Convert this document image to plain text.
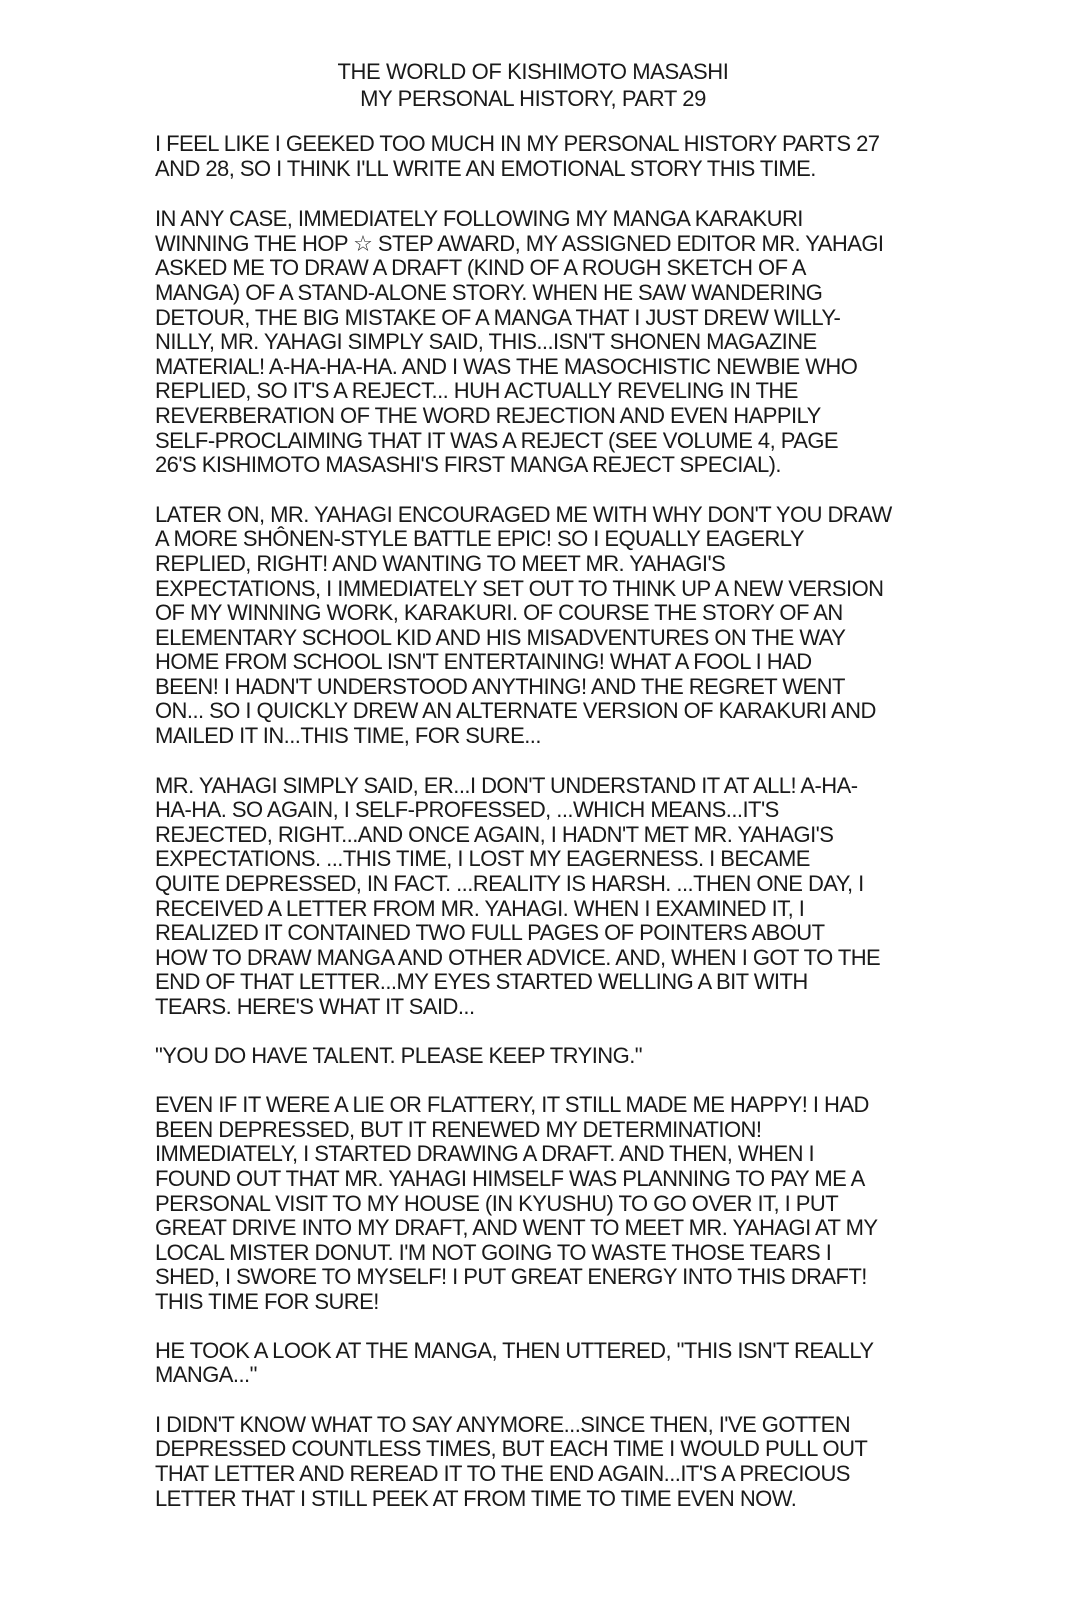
THE WORLD OF KISHIMOTO MASASHI
MY PERSONAL HISTORY, PART 29
I FEEL LIKE I GEEKED TOO MUCH IN MY PERSONAL HISTORY PARTS 27
AND 28, SO I THINK I'LL WRITE AN EMOTIONAL STORY THIS TIME.
IN ANY CASE, IMMEDIATELY FOLLOWING MY MANGA KARAKURI
WINNING THE HOP ☆ STEP AWARD, MY ASSIGNED EDITOR MR. YAHAGI
ASKED ME TO DRAW A DRAFT (KIND OF A ROUGH SKETCH OF A
MANGA) OF A STAND-ALONE STORY. WHEN HE SAW WANDERING
DETOUR, THE BIG MISTAKE OF A MANGA THAT I JUST DREW WILLY-
NILLY, MR. YAHAGI SIMPLY SAID, THIS...ISN'T SHONEN MAGAZINE
MATERIAL! A-HA-HA-HA. AND I WAS THE MASOCHISTIC NEWBIE WHO
REPLIED, SO IT'S A REJECT... HUH ACTUALLY REVELING IN THE
REVERBERATION OF THE WORD REJECTION AND EVEN HAPPILY
SELF-PROCLAIMING THAT IT WAS A REJECT (SEE VOLUME 4, PAGE
26'S KISHIMOTO MASASHI'S FIRST MANGA REJECT SPECIAL).
LATER ON, MR. YAHAGI ENCOURAGED ME WITH WHY DON'T YOU DRAW
A MORE SHÔNEN-STYLE BATTLE EPIC! SO I EQUALLY EAGERLY
REPLIED, RIGHT! AND WANTING TO MEET MR. YAHAGI'S
EXPECTATIONS, I IMMEDIATELY SET OUT TO THINK UP A NEW VERSION
OF MY WINNING WORK, KARAKURI. OF COURSE THE STORY OF AN
ELEMENTARY SCHOOL KID AND HIS MISADVENTURES ON THE WAY
HOME FROM SCHOOL ISN'T ENTERTAINING! WHAT A FOOL I HAD
BEEN! I HADN'T UNDERSTOOD ANYTHING! AND THE REGRET WENT
ON... SO I QUICKLY DREW AN ALTERNATE VERSION OF KARAKURI AND
MAILED IT IN...THIS TIME, FOR SURE...
MR. YAHAGI SIMPLY SAID, ER...I DON'T UNDERSTAND IT AT ALL! A-HA-
HA-HA. SO AGAIN, I SELF-PROFESSED, ...WHICH MEANS...IT'S
REJECTED, RIGHT...AND ONCE AGAIN, I HADN'T MET MR. YAHAGI'S
EXPECTATIONS. ...THIS TIME, I LOST MY EAGERNESS. I BECAME
QUITE DEPRESSED, IN FACT. ...REALITY IS HARSH. ...THEN ONE DAY, I
RECEIVED A LETTER FROM MR. YAHAGI. WHEN I EXAMINED IT, I
REALIZED IT CONTAINED TWO FULL PAGES OF POINTERS ABOUT
HOW TO DRAW MANGA AND OTHER ADVICE. AND, WHEN I GOT TO THE
END OF THAT LETTER...MY EYES STARTED WELLING A BIT WITH
TEARS. HERE'S WHAT IT SAID...
"YOU DO HAVE TALENT. PLEASE KEEP TRYING."
EVEN IF IT WERE A LIE OR FLATTERY, IT STILL MADE ME HAPPY! I HAD
BEEN DEPRESSED, BUT IT RENEWED MY DETERMINATION!
IMMEDIATELY, I STARTED DRAWING A DRAFT. AND THEN, WHEN I
FOUND OUT THAT MR. YAHAGI HIMSELF WAS PLANNING TO PAY ME A
PERSONAL VISIT TO MY HOUSE (IN KYUSHU) TO GO OVER IT, I PUT
GREAT DRIVE INTO MY DRAFT, AND WENT TO MEET MR. YAHAGI AT MY
LOCAL MISTER DONUT. I'M NOT GOING TO WASTE THOSE TEARS I
SHED, I SWORE TO MYSELF! I PUT GREAT ENERGY INTO THIS DRAFT!
THIS TIME FOR SURE!
HE TOOK A LOOK AT THE MANGA, THEN UTTERED, "THIS ISN'T REALLY
MANGA..."
I DIDN'T KNOW WHAT TO SAY ANYMORE...SINCE THEN, I'VE GOTTEN
DEPRESSED COUNTLESS TIMES, BUT EACH TIME I WOULD PULL OUT
THAT LETTER AND REREAD IT TO THE END AGAIN...IT'S A PRECIOUS
LETTER THAT I STILL PEEK AT FROM TIME TO TIME EVEN NOW.
